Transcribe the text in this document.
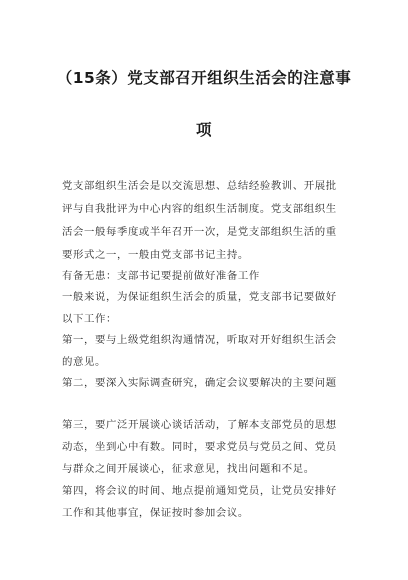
（15条）党支部召开组织生活会的注意事
项
党支部组织生活会是以交流思想、总结经验教训、开展批
评与自我批评为中心内容的组织生活制度。党支部组织生
活会一般每季度或半年召开一次，是党支部组织生活的重
要形式之一，一般由党支部书记主持。
有备无患：支部书记要提前做好准备工作
一般来说，为保证组织生活会的质量，党支部书记要做好
以下工作：
第一，要与上级党组织沟通情况，听取对开好组织生活会
的意见。
第二，要深入实际调查研究，确定会议要解决的主要问题
第三，要广泛开展谈心谈话活动，了解本支部党员的思想
动态，坐到心中有数。同时，要求党员与党员之间、党员
与群众之间开展谈心，征求意见，找出问题和不足。
第四，将会议的时间、地点提前通知党员，让党员安排好
工作和其他事宜，保证按时参加会议。
